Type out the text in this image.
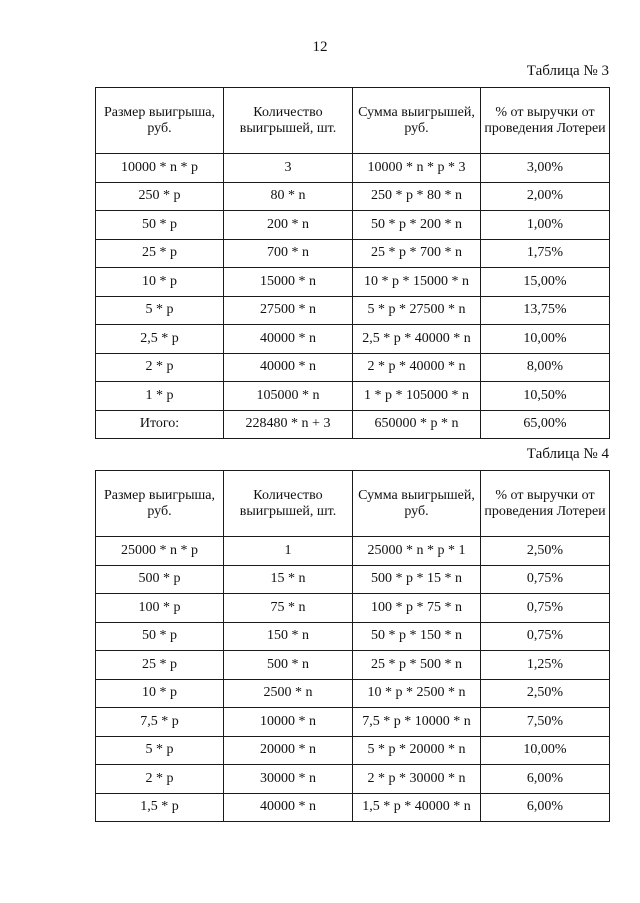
12
Таблица № 3
Размер выигрыша, руб.	Количество выигрышей, шт.	Сумма выигрышей, руб.	% от выручки от проведения Лотереи
10000 * n * p	3	10000 * n * p * 3	3,00%
250 * p	80 * n	250 * p * 80 * n	2,00%
50 * p	200 * n	50 * p * 200 * n	1,00%
25 * p	700 * n	25 * p * 700 * n	1,75%
10 * p	15000 * n	10 * p * 15000 * n	15,00%
5 * p	27500 * n	5 * p * 27500 * n	13,75%
2,5 * p	40000 * n	2,5 * p * 40000 * n	10,00%
2 * p	40000 * n	2 * p * 40000 * n	8,00%
1 * p	105000 * n	1 * p * 105000 * n	10,50%
Итого:	228480 * n + 3	650000 * p * n	65,00%
Таблица № 4
Размер выигрыша, руб.	Количество выигрышей, шт.	Сумма выигрышей, руб.	% от выручки от проведения Лотереи
25000 * n * p	1	25000 * n * p * 1	2,50%
500 * p	15 * n	500 * p * 15 * n	0,75%
100 * p	75 * n	100 * p * 75 * n	0,75%
50 * p	150 * n	50 * p * 150 * n	0,75%
25 * p	500 * n	25 * p * 500 * n	1,25%
10 * p	2500 * n	10 * p * 2500 * n	2,50%
7,5 * p	10000 * n	7,5 * p * 10000 * n	7,50%
5 * p	20000 * n	5 * p * 20000 * n	10,00%
2 * p	30000 * n	2 * p * 30000 * n	6,00%
1,5 * p	40000 * n	1,5 * p * 40000 * n	6,00%
